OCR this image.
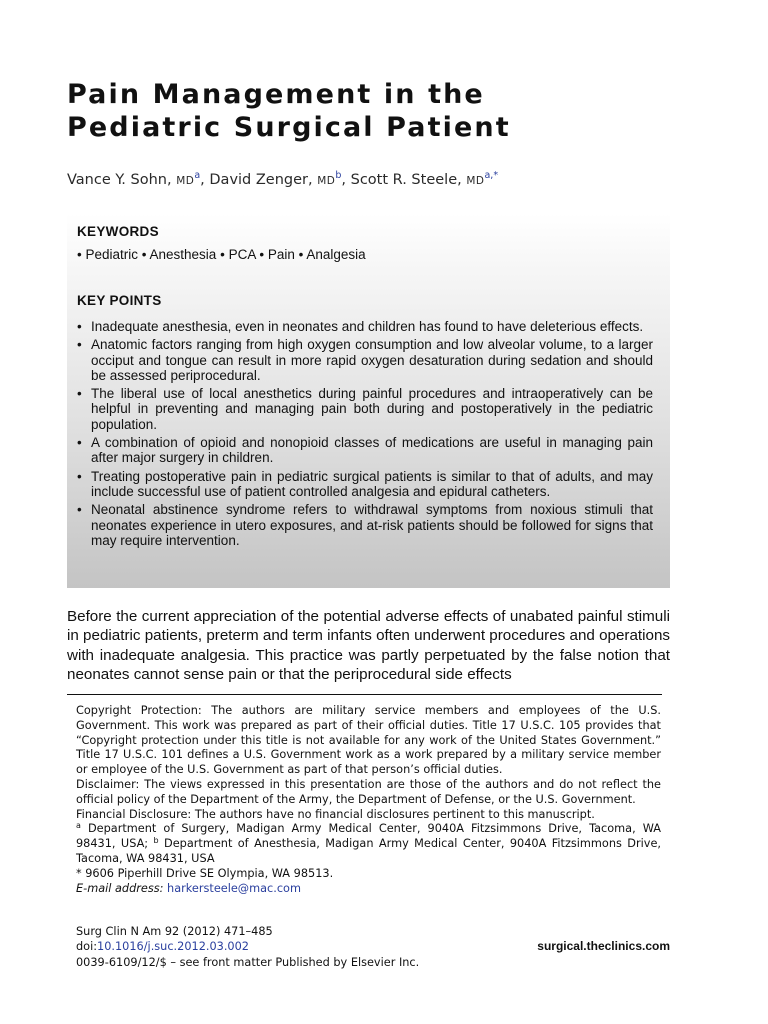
Pain Management in the
Pediatric Surgical Patient
Vance Y. Sohn, $MD^a$, David Zenger, $MD^b$, Scott R. Steele, $MD^{a,*}$
KEYWORDS
• Pediatric • Anesthesia • PCA • Pain • Analgesia
KEY POINTS
• Inadequate anesthesia, even in neonates and children has found to have deleterious effects.
• Anatomic factors ranging from high oxygen consumption and low alveolar volume, to a larger occiput and tongue can result in more rapid oxygen desaturation during sedation and should be assessed periprocedural.
• The liberal use of local anesthetics during painful procedures and intraoperatively can be helpful in preventing and managing pain both during and postoperatively in the pediatric population.
• A combination of opioid and nonopioid classes of medications are useful in managing pain after major surgery in children.
• Treating postoperative pain in pediatric surgical patients is similar to that of adults, and may include successful use of patient controlled analgesia and epidural catheters.
• Neonatal abstinence syndrome refers to withdrawal symptoms from noxious stimuli that neonates experience in utero exposures, and at-risk patients should be followed for signs that may require intervention.
Before the current appreciation of the potential adverse effects of unabated painful stimuli in pediatric patients, preterm and term infants often underwent procedures and operations with inadequate analgesia. This practice was partly perpetuated by the false notion that neonates cannot sense pain or that the periprocedural side effects

Copyright Protection: The authors are military service members and employees of the U.S. Government. This work was prepared as part of their official duties. Title 17 U.S.C. 105 provides that “Copyright protection under this title is not available for any work of the United States Government.” Title 17 U.S.C. 101 defines a U.S. Government work as a work prepared by a military service member or employee of the U.S. Government as part of that person’s official duties.

Disclaimer: The views expressed in this presentation are those of the authors and do not reflect the official policy of the Department of the Army, the Department of Defense, or the U.S. Government.

Financial Disclosure: The authors have no financial disclosures pertinent to this manuscript.

$^a$ Department of Surgery, Madigan Army Medical Center, 9040A Fitzsimmons Drive, Tacoma, WA 98431, USA; $^b$ Department of Anesthesia, Madigan Army Medical Center, 9040A Fitzsimmons Drive, Tacoma, WA 98431, USA

* 9606 Piperhill Drive SE Olympia, WA 98513.

E-mail address: harkersteele@mac.com

Surg Clin N Am 92 (2012) 471–485
doi:10.1016/j.suc.2012.03.002
0039-6109/12/$ – see front matter Published by Elsevier Inc.
surgical.theclinics.com
